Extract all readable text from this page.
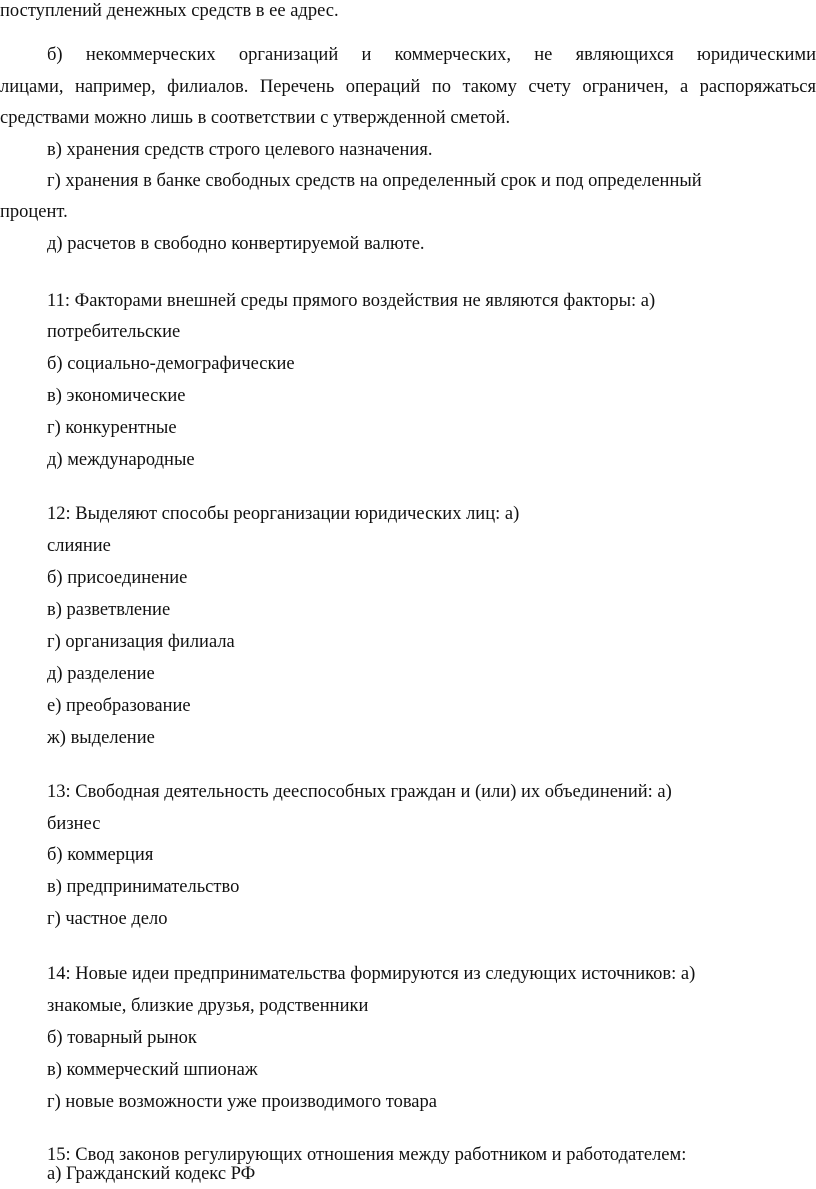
поступлений денежных средств в ее адрес.
б) некоммерческих организаций и коммерческих, не являющихся юридическими
лицами, например, филиалов. Перечень операций по такому счету ограничен, а распоряжаться
средствами можно лишь в соответствии с утвержденной сметой.
в) хранения средств строго целевого назначения.
г) хранения в банке свободных средств на определенный срок и под определенный
процент.
д) расчетов в свободно конвертируемой валюте.
11: Факторами внешней среды прямого воздействия не являются факторы: а)
потребительские
б) социально-демографические
в) экономические
г) конкурентные
д) международные
12: Выделяют способы реорганизации юридических лиц: а)
слияние
б) присоединение
в) разветвление
г) организация филиала
д) разделение
е) преобразование
ж) выделение
13: Свободная деятельность дееспособных граждан и (или) их объединений: а)
бизнес
б) коммерция
в) предпринимательство
г) частное дело
14: Новые идеи предпринимательства формируются из следующих источников: а)
знакомые, близкие друзья, родственники
б) товарный рынок
в) коммерческий шпионаж
г) новые возможности уже производимого товара
15: Свод законов регулирующих отношения между работником и работодателем:
а) Гражданский кодекс РФ
